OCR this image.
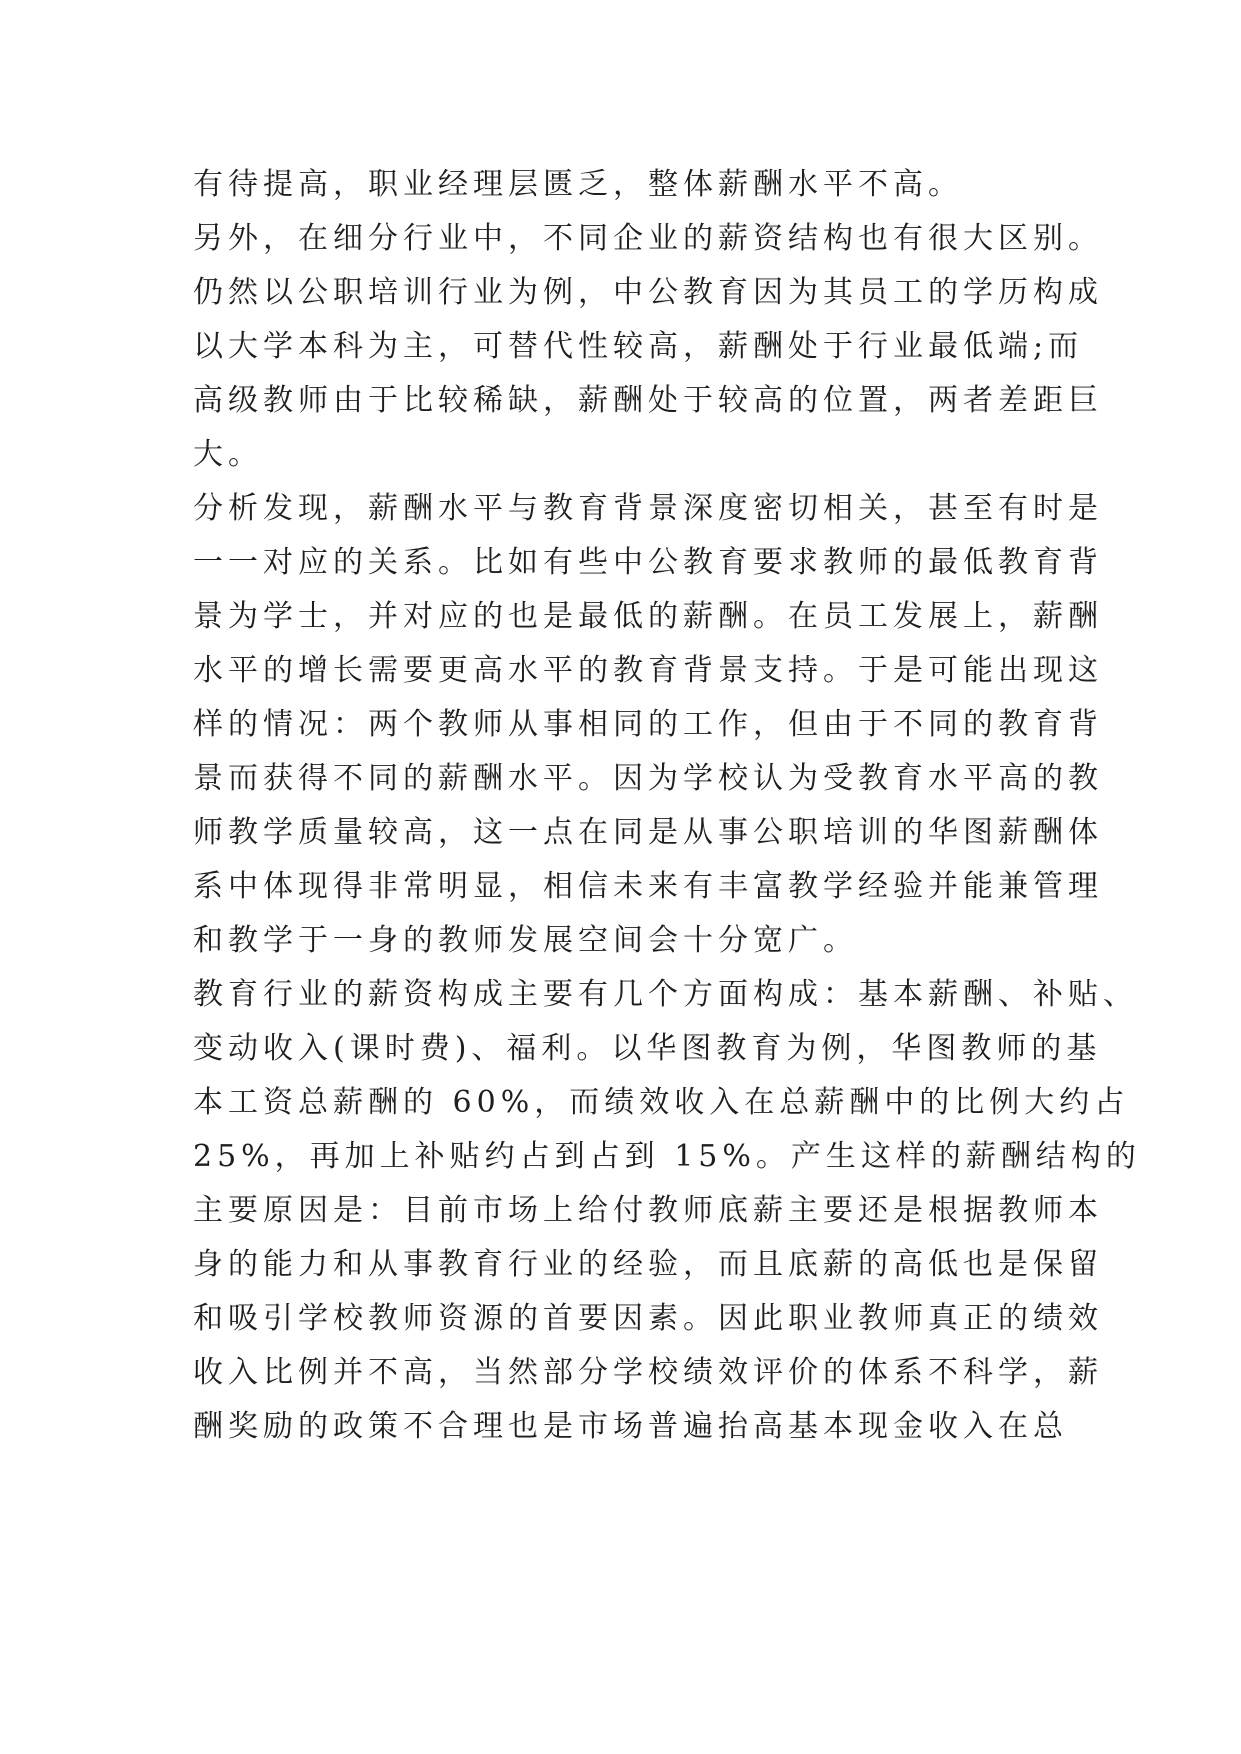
有待提高，职业经理层匮乏，整体薪酬水平不高。
另外，在细分行业中，不同企业的薪资结构也有很大区别。
仍然以公职培训行业为例，中公教育因为其员工的学历构成
以大学本科为主，可替代性较高，薪酬处于行业最低端;而
高级教师由于比较稀缺，薪酬处于较高的位置，两者差距巨
大。
分析发现，薪酬水平与教育背景深度密切相关，甚至有时是
一一对应的关系。比如有些中公教育要求教师的最低教育背
景为学士，并对应的也是最低的薪酬。在员工发展上，薪酬
水平的增长需要更高水平的教育背景支持。于是可能出现这
样的情况：两个教师从事相同的工作，但由于不同的教育背
景而获得不同的薪酬水平。因为学校认为受教育水平高的教
师教学质量较高，这一点在同是从事公职培训的华图薪酬体
系中体现得非常明显，相信未来有丰富教学经验并能兼管理
和教学于一身的教师发展空间会十分宽广。
教育行业的薪资构成主要有几个方面构成：基本薪酬、补贴、
变动收入(课时费)、福利。以华图教育为例，华图教师的基
本工资总薪酬的 60%，而绩效收入在总薪酬中的比例大约占
25%，再加上补贴约占到占到 15%。产生这样的薪酬结构的
主要原因是：目前市场上给付教师底薪主要还是根据教师本
身的能力和从事教育行业的经验，而且底薪的高低也是保留
和吸引学校教师资源的首要因素。因此职业教师真正的绩效
收入比例并不高，当然部分学校绩效评价的体系不科学，薪
酬奖励的政策不合理也是市场普遍抬高基本现金收入在总
